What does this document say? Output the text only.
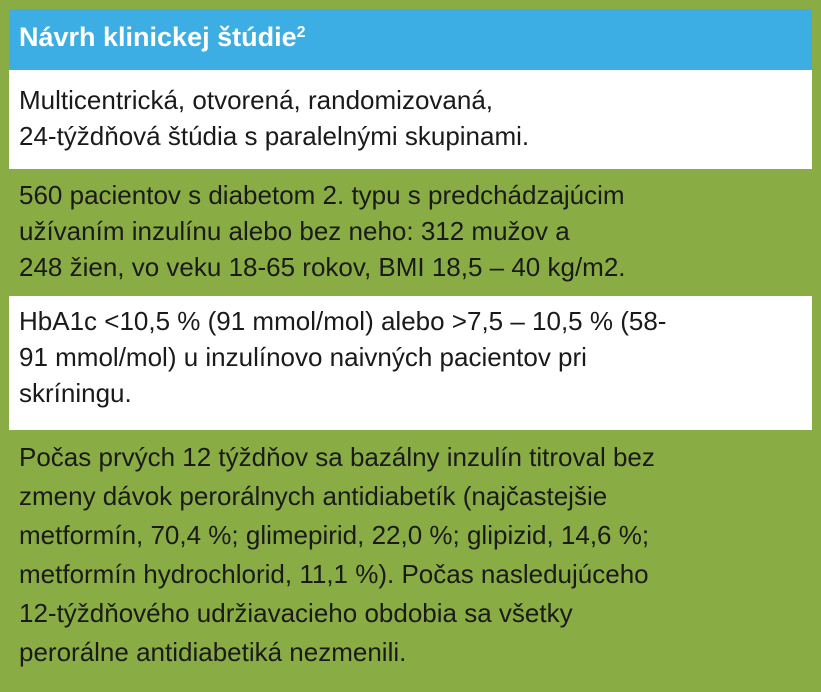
Návrh klinickej štúdie$^2$
Multicentrická, otvorená, randomizovaná,
24-týždňová štúdia s paralelnými skupinami.
560 pacientov s diabetom 2. typu s predchádzajúcim
užívaním inzulínu alebo bez neho: 312 mužov a
248 žien, vo veku 18-65 rokov, BMI 18,5 – 40 kg/m2.
HbA1c <10,5 % (91 mmol/mol) alebo >7,5 – 10,5 % (58-
91 mmol/mol) u inzulínovo naivných pacientov pri
skríningu.
Počas prvých 12 týždňov sa bazálny inzulín titroval bez
zmeny dávok perorálnych antidiabetík (najčastejšie
metformín, 70,4 %; glimepirid, 22,0 %; glipizid, 14,6 %;
metformín hydrochlorid, 11,1 %). Počas nasledujúceho
12-týždňového udržiavacieho obdobia sa všetky
perorálne antidiabetiká nezmenili.
